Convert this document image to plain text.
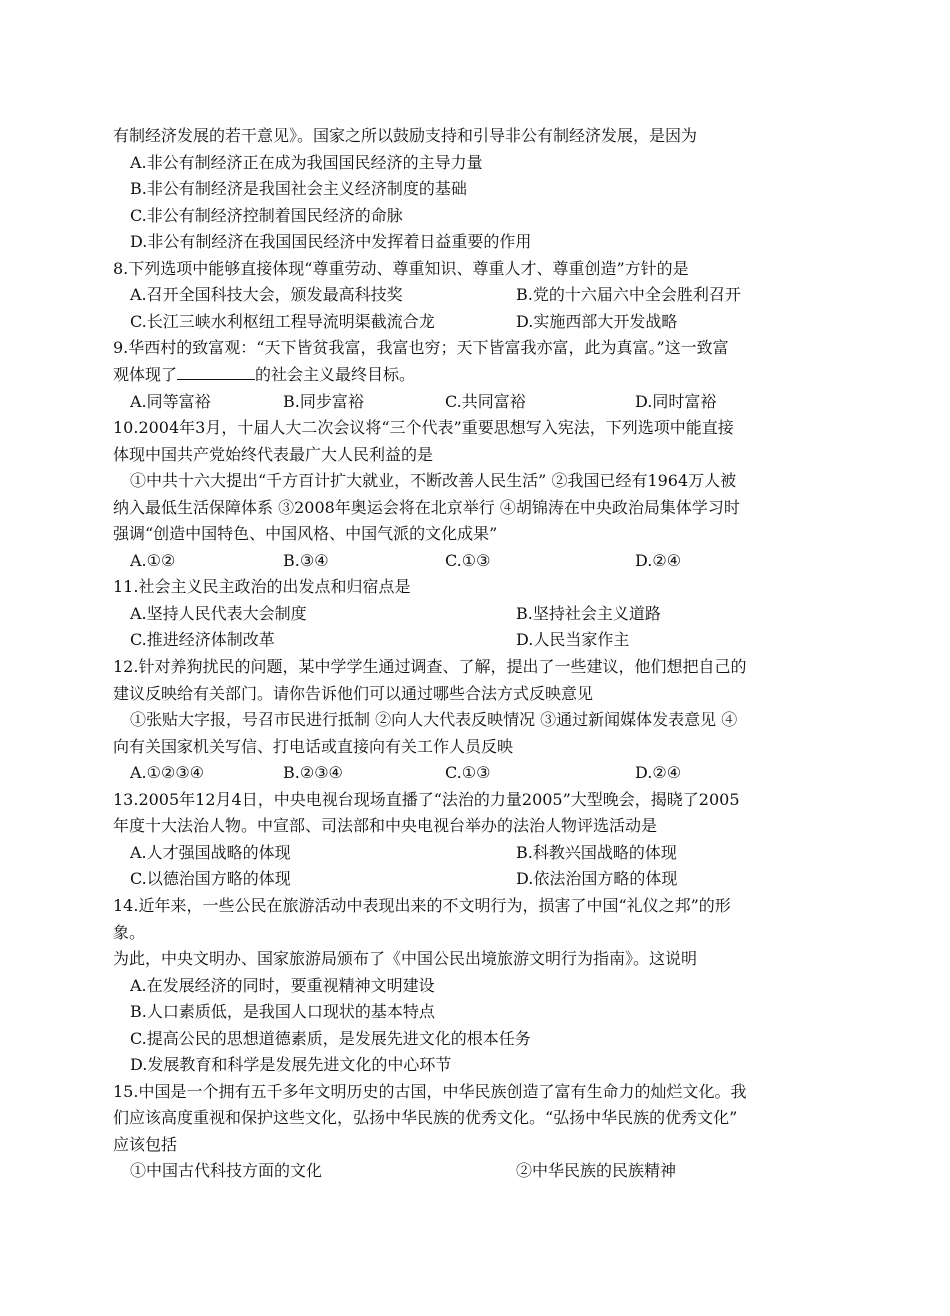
有制经济发展的若干意见》。国家之所以鼓励支持和引导非公有制经济发展，是因为
A.非公有制经济正在成为我国国民经济的主导力量
B.非公有制经济是我国社会主义经济制度的基础
C.非公有制经济控制着国民经济的命脉
D.非公有制经济在我国国民经济中发挥着日益重要的作用
8.下列选项中能够直接体现“尊重劳动、尊重知识、尊重人才、尊重创造”方针的是
A.召开全国科技大会，颁发最高科技奖	B.党的十六届六中全会胜利召开
C.长江三峡水利枢纽工程导流明渠截流合龙	D.实施西部大开发战略
9.华西村的致富观：“天下皆贫我富，我富也穷；天下皆富我亦富，此为真富。”这一致富
观体现了	的社会主义最终目标。
A.同等富裕	B.同步富裕	C.共同富裕	D.同时富裕
10.2004年3月，十届人大二次会议将“三个代表”重要思想写入宪法，下列选项中能直接
体现中国共产党始终代表最广大人民利益的是
①中共十六大提出“千方百计扩大就业，不断改善人民生活” ②我国已经有1964万人被
纳入最低生活保障体系 ③2008年奥运会将在北京举行 ④胡锦涛在中央政治局集体学习时
强调“创造中国特色、中国风格、中国气派的文化成果”
A.①②	B.③④	C.①③	D.②④
11.社会主义民主政治的出发点和归宿点是
A.坚持人民代表大会制度	B.坚持社会主义道路
C.推进经济体制改革	D.人民当家作主
12.针对养狗扰民的问题，某中学学生通过调查、了解，提出了一些建议，他们想把自己的
建议反映给有关部门。请你告诉他们可以通过哪些合法方式反映意见
①张贴大字报，号召市民进行抵制 ②向人大代表反映情况 ③通过新闻媒体发表意见 ④
向有关国家机关写信、打电话或直接向有关工作人员反映
A.①②③④	B.②③④	C.①③	D.②④
13.2005年12月4日，中央电视台现场直播了“法治的力量2005”大型晚会，揭晓了2005
年度十大法治人物。中宣部、司法部和中央电视台举办的法治人物评选活动是
A.人才强国战略的体现	B.科教兴国战略的体现
C.以德治国方略的体现	D.依法治国方略的体现
14.近年来，一些公民在旅游活动中表现出来的不文明行为，损害了中国“礼仪之邦”的形
象。
为此，中央文明办、国家旅游局颁布了《中国公民出境旅游文明行为指南》。这说明
A.在发展经济的同时，要重视精神文明建设
B.人口素质低，是我国人口现状的基本特点
C.提高公民的思想道德素质，是发展先进文化的根本任务
D.发展教育和科学是发展先进文化的中心环节
15.中国是一个拥有五千多年文明历史的古国，中华民族创造了富有生命力的灿烂文化。我
们应该高度重视和保护这些文化，弘扬中华民族的优秀文化。“弘扬中华民族的优秀文化”
应该包括
①中国古代科技方面的文化	②中华民族的民族精神
